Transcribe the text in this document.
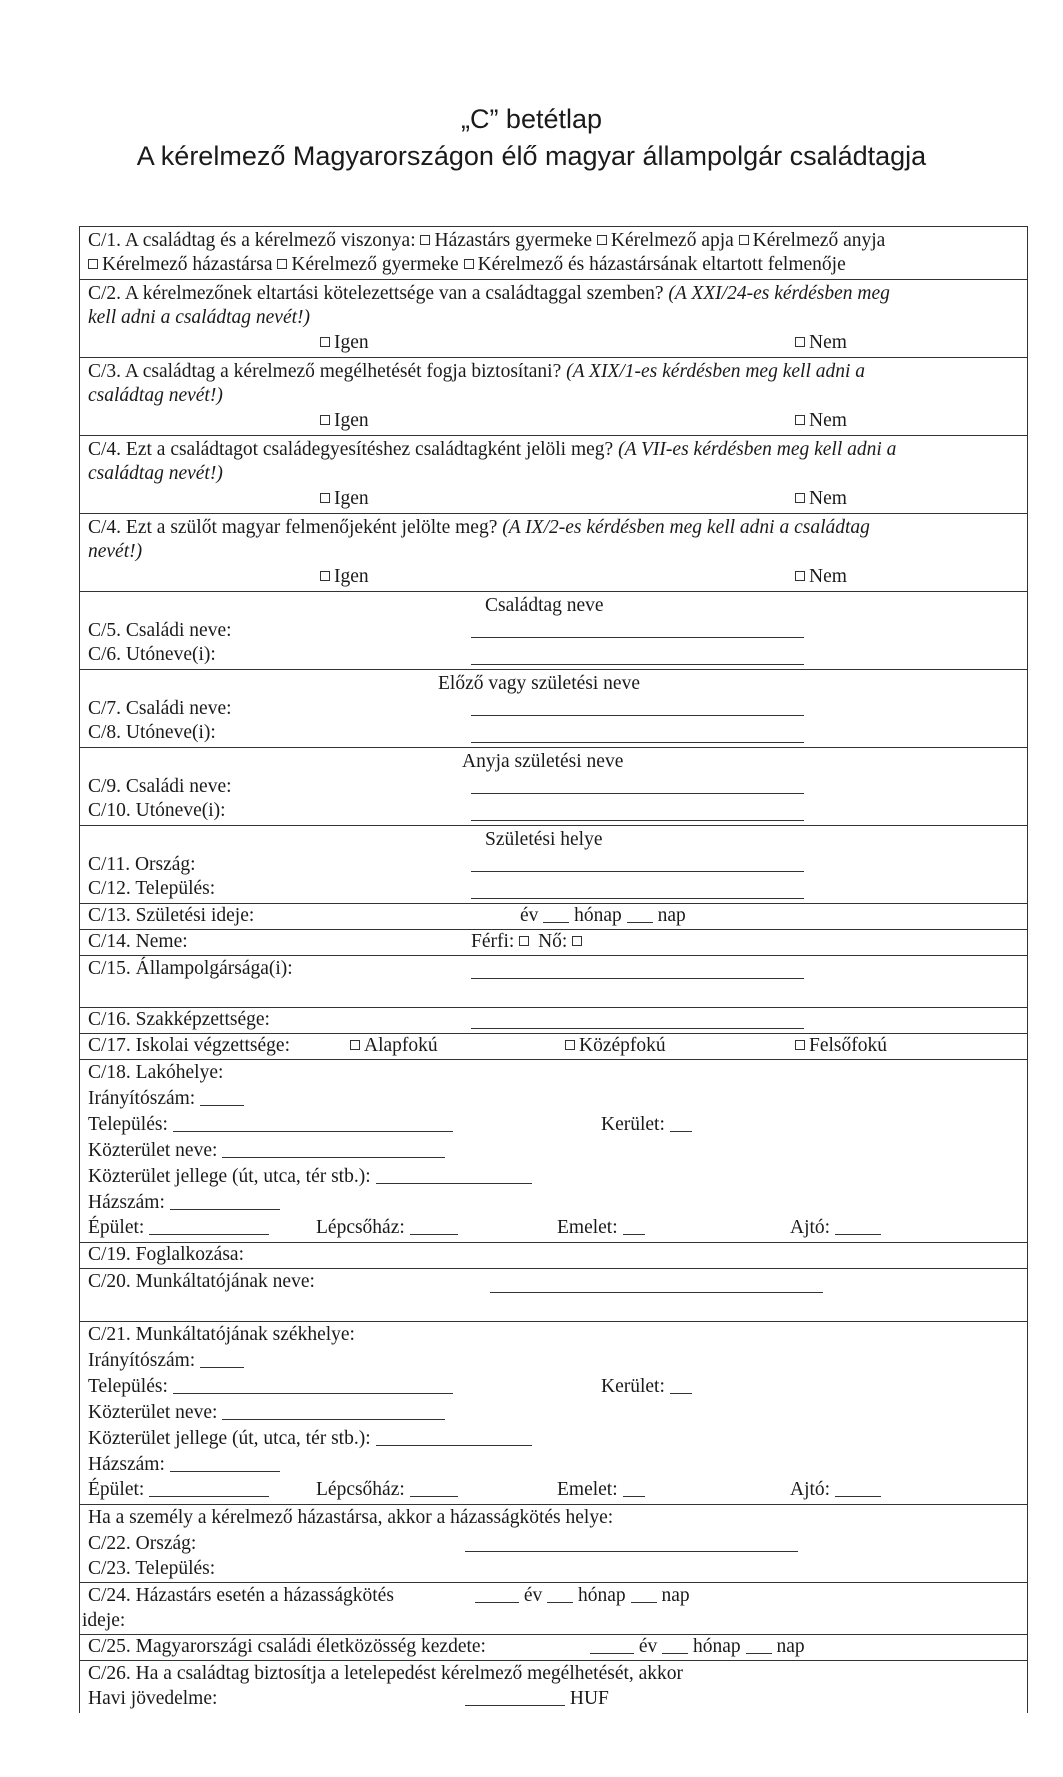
„C” betétlap
A kérelmező Magyarországon élő magyar állampolgár családtagja
C/1. A családtag és a kérelmező viszonya: Házastárs gyermeke Kérelmező apja Kérelmező anyja
Kérelmező házastársa Kérelmező gyermeke Kérelmező és házastársának eltartott felmenője
C/2. A kérelmezőnek eltartási kötelezettsége van a családtaggal szemben? (A XXI/24-es kérdésben meg
kell adni a családtag nevét!)
Igen	Nem
C/3. A családtag a kérelmező megélhetését fogja biztosítani? (A XIX/1-es kérdésben meg kell adni a
családtag nevét!)
Igen	Nem
C/4. Ezt a családtagot családegyesítéshez családtagként jelöli meg? (A VII-es kérdésben meg kell adni a
családtag nevét!)
Igen	Nem
C/4. Ezt a szülőt magyar felmenőjeként jelölte meg? (A IX/2-es kérdésben meg kell adni a családtag
nevét!)
Igen	Nem
Családtag neve
C/5. Családi neve:
C/6. Utóneve(i):
Előző vagy születési neve
C/7. Családi neve:
C/8. Utóneve(i):
Anyja születési neve
C/9. Családi neve:
C/10. Utóneve(i):
Születési helye
C/11. Ország:
C/12. Település:
C/13. Születési ideje:	év hónap nap
C/14. Neme:	Férfi: Nő:
C/15. Állampolgársága(i):
C/16. Szakképzettsége:
C/17. Iskolai végzettsége:	Alapfokú	Középfokú	Felsőfokú
C/18. Lakóhelye:
Irányítószám:
Település:	Kerület:
Közterület neve:
Közterület jellege (út, utca, tér stb.):
Házszám:
Épület:	Lépcsőház:	Emelet:	Ajtó:
C/19. Foglalkozása:
C/20. Munkáltatójának neve:
C/21. Munkáltatójának székhelye:
Irányítószám:
Település:	Kerület:
Közterület neve:
Közterület jellege (út, utca, tér stb.):
Házszám:
Épület:	Lépcsőház:	Emelet:	Ajtó:
Ha a személy a kérelmező házastársa, akkor a házasságkötés helye:
C/22. Ország:
C/23. Település:
C/24. Házastárs esetén a házasságkötés	év hónap nap
ideje:
C/25. Magyarországi családi életközösség kezdete:	év hónap nap
C/26. Ha a családtag biztosítja a letelepedést kérelmező megélhetését, akkor
Havi jövedelme:	HUF
